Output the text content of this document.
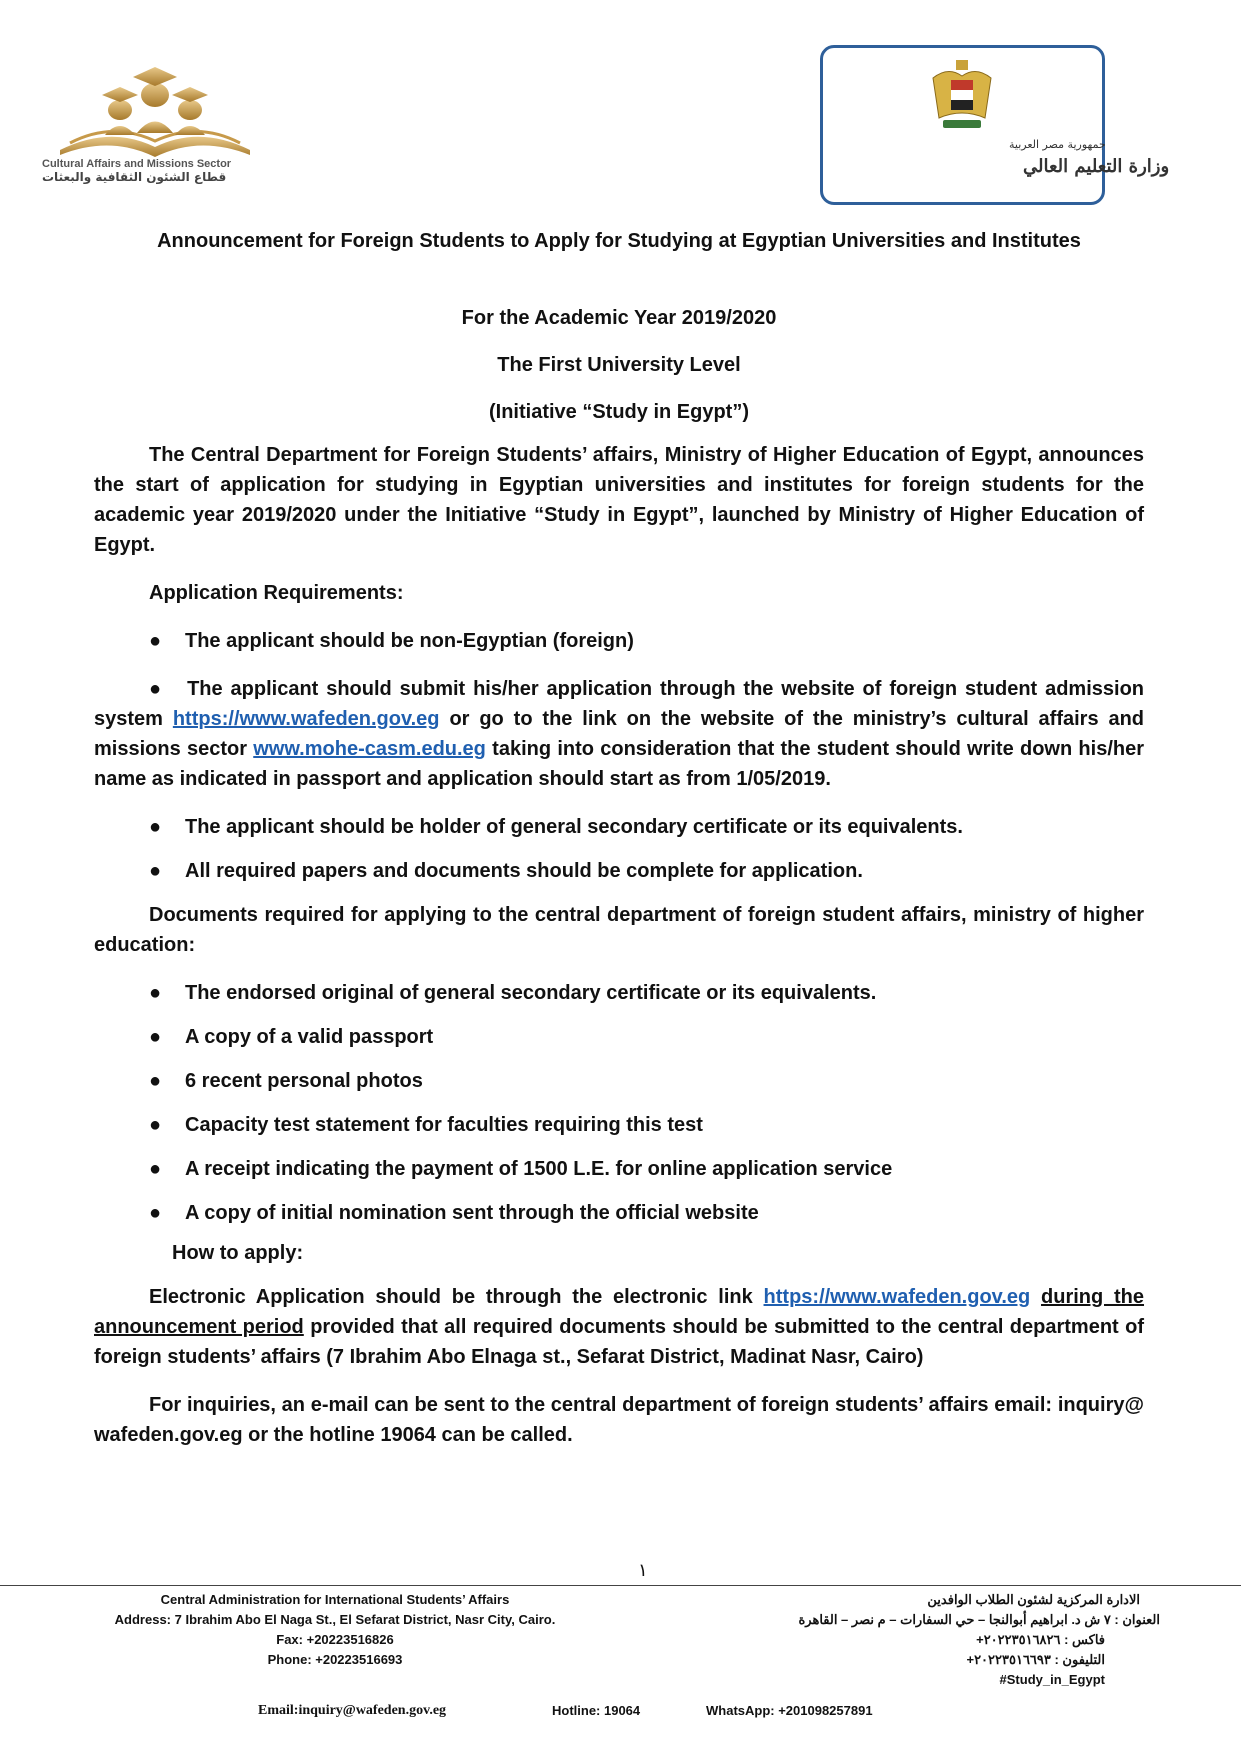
Cultural Affairs and Missions Sector
قطاع الشئون الثقافية والبعثات
جمهورية مصر العربية
وزارة التعليم العالي
Announcement for Foreign Students to Apply for Studying at Egyptian Universities and Institutes
For the Academic Year 2019/2020
The First University Level
(Initiative “Study in Egypt”)

The Central Department for Foreign Students’ affairs, Ministry of Higher Education of Egypt, announces the start of application for studying in Egyptian universities and institutes for foreign students for the academic year 2019/2020 under the Initiative “Study in Egypt”, launched by Ministry of Higher Education of Egypt.

Application Requirements:

●	The applicant should be non-Egyptian (foreign)

● The applicant should submit his/her application through the website of foreign student admission system https://www.wafeden.gov.eg or go to the link on the website of the ministry’s cultural affairs and missions sector www.mohe-casm.edu.eg taking into consideration that the student should write down his/her name as indicated in passport and application should start as from 1/05/2019.

●	The applicant should be holder of general secondary certificate or its equivalents.
●	All required papers and documents should be complete for application.

Documents required for applying to the central department of foreign student affairs, ministry of higher education:

●	The endorsed original of general secondary certificate or its equivalents.
●	A copy of a valid passport
●	6 recent personal photos
●	Capacity test statement for faculties requiring this test
●	A receipt indicating the payment of 1500 L.E. for online application service
●	A copy of initial nomination sent through the official website

How to apply:

Electronic Application should be through the electronic link https://www.wafeden.gov.eg during the announcement period provided that all required documents should be submitted to the central department of foreign students’ affairs (7 Ibrahim Abo Elnaga st., Sefarat District, Madinat Nasr, Cairo)

For inquiries, an e-mail can be sent to the central department of foreign students’ affairs email: inquiry@ wafeden.gov.eg or the hotline 19064 can be called.

١
Central Administration for International Students’ Affairs
Address: 7 Ibrahim Abo El Naga St., El Sefarat District, Nasr City, Cairo.
Fax: +20223516826
Phone: +20223516693
الادارة المركزية لشئون الطلاب الوافدين
العنوان : ٧ ش د. ابراهيم أبوالنجا – حي السفارات – م نصر – القاهرة
فاكس : ٢٠٢٢٣٥١٦٨٢٦+
التليفون : ٢٠٢٢٣٥١٦٦٩٣+
#Study_in_Egypt
Email:inquiry@wafeden.gov.eg	Hotline: 19064	WhatsApp: +201098257891
